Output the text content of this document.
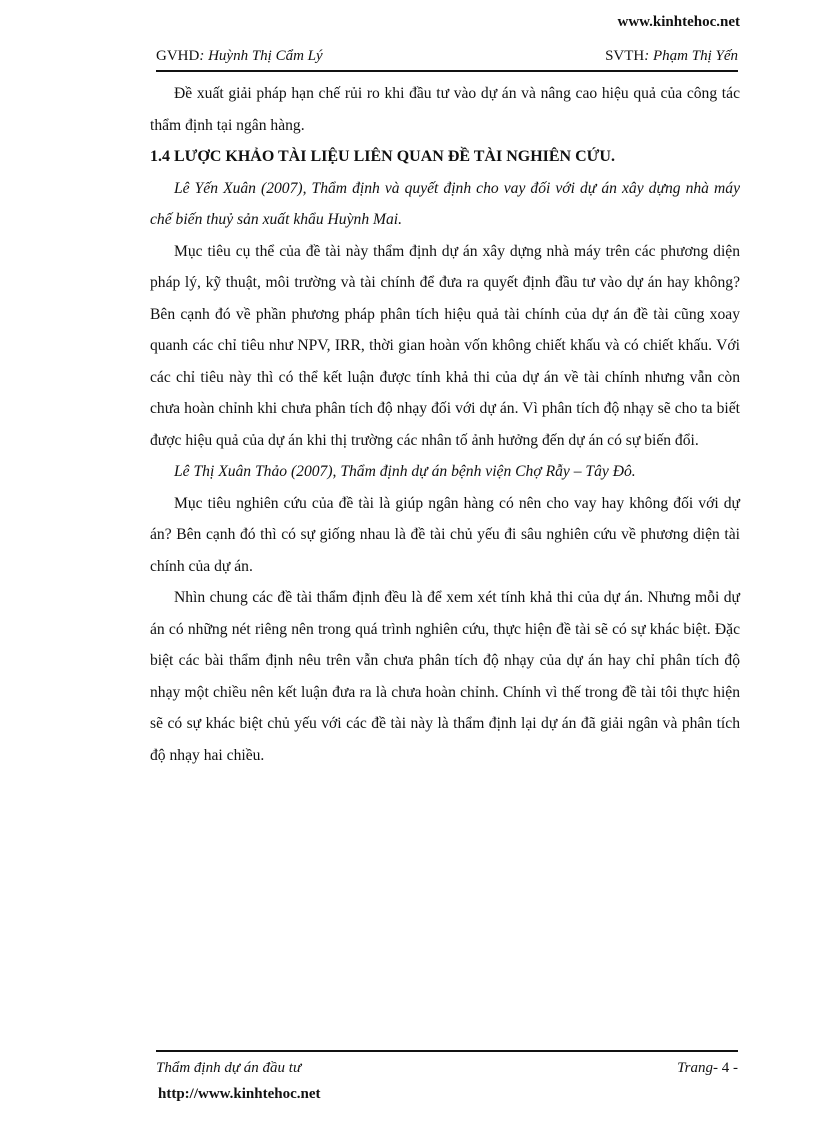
www.kinhtehoc.net
GVHD: Huỳnh Thị Cẩm Lý	SVTH: Phạm Thị Yến

Đề xuất giải pháp hạn chế rủi ro khi đầu tư vào dự án và nâng cao hiệu quả của công tác thẩm định tại ngân hàng.

1.4 LƯỢC KHẢO TÀI LIỆU LIÊN QUAN ĐỀ TÀI NGHIÊN CỨU.

Lê Yến Xuân (2007), Thẩm định và quyết định cho vay đối với dự án xây dựng nhà máy chế biến thuỷ sản xuất khẩu Huỳnh Mai.

Mục tiêu cụ thể của đề tài này thẩm định dự án xây dựng nhà máy trên các phương diện pháp lý, kỹ thuật, môi trường và tài chính để đưa ra quyết định đầu tư vào dự án hay không? Bên cạnh đó về phần phương pháp phân tích hiệu quả tài chính của dự án đề tài cũng xoay quanh các chỉ tiêu như NPV, IRR, thời gian hoàn vốn không chiết khấu và có chiết khấu. Với các chỉ tiêu này thì có thể kết luận được tính khả thi của dự án về tài chính nhưng vẫn còn chưa hoàn chỉnh khi chưa phân tích độ nhạy đối với dự án. Vì phân tích độ nhạy sẽ cho ta biết được hiệu quả của dự án khi thị trường các nhân tố ảnh hưởng đến dự án có sự biến đổi.

Lê Thị Xuân Thảo (2007), Thẩm định dự án bệnh viện Chợ Rẫy – Tây Đô.

Mục tiêu nghiên cứu của đề tài là giúp ngân hàng có nên cho vay hay không đối với dự án? Bên cạnh đó thì có sự giống nhau là đề tài chủ yếu đi sâu nghiên cứu về phương diện tài chính của dự án.

Nhìn chung các đề tài thẩm định đều là để xem xét tính khả thi của dự án. Nhưng mỗi dự án có những nét riêng nên trong quá trình nghiên cứu, thực hiện đề tài sẽ có sự khác biệt. Đặc biệt các bài thẩm định nêu trên vẫn chưa phân tích độ nhạy của dự án hay chỉ phân tích độ nhạy một chiều nên kết luận đưa ra là chưa hoàn chỉnh. Chính vì thế trong đề tài tôi thực hiện sẽ có sự khác biệt chủ yếu với các đề tài này là thẩm định lại dự án đã giải ngân và phân tích độ nhạy hai chiều.

Thẩm định dự án đầu tư	Trang- 4 -
http://www.kinhtehoc.net
